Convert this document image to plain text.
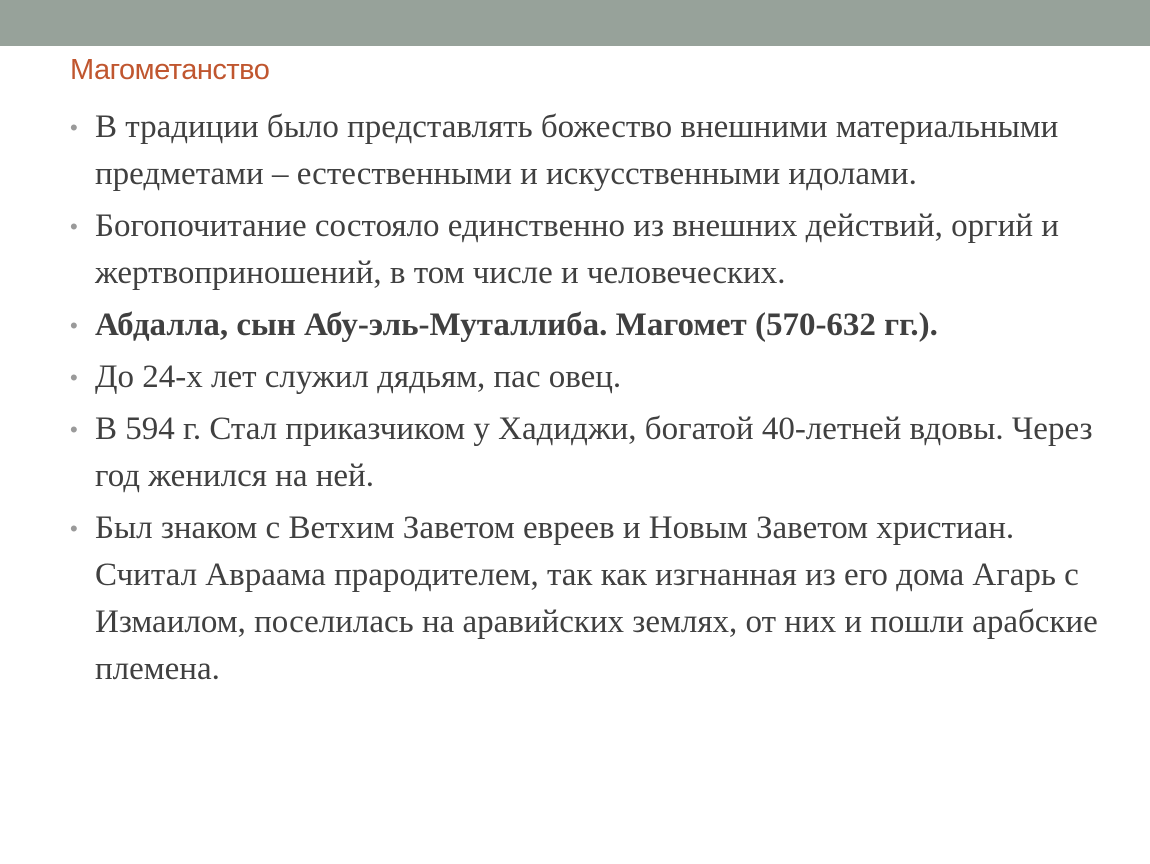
Магометанство
• В традиции было представлять божество внешними материальными предметами – естественными и искусственными идолами.
• Богопочитание состояло единственно из внешних действий, оргий и жертвоприношений, в том числе и человеческих.
• Абдалла, сын Абу-эль-Муталлиба. Магомет (570-632 гг.).
• До 24-х лет служил дядьям, пас овец.
• В 594 г. Стал приказчиком у Хадиджи, богатой 40-летней вдовы. Через год женился на ней.
• Был знаком с Ветхим Заветом евреев и Новым Заветом христиан. Считал Авраама прародителем, так как изгнанная из его дома Агарь с Измаилом, поселилась на аравийских землях, от них и пошли арабские племена.
